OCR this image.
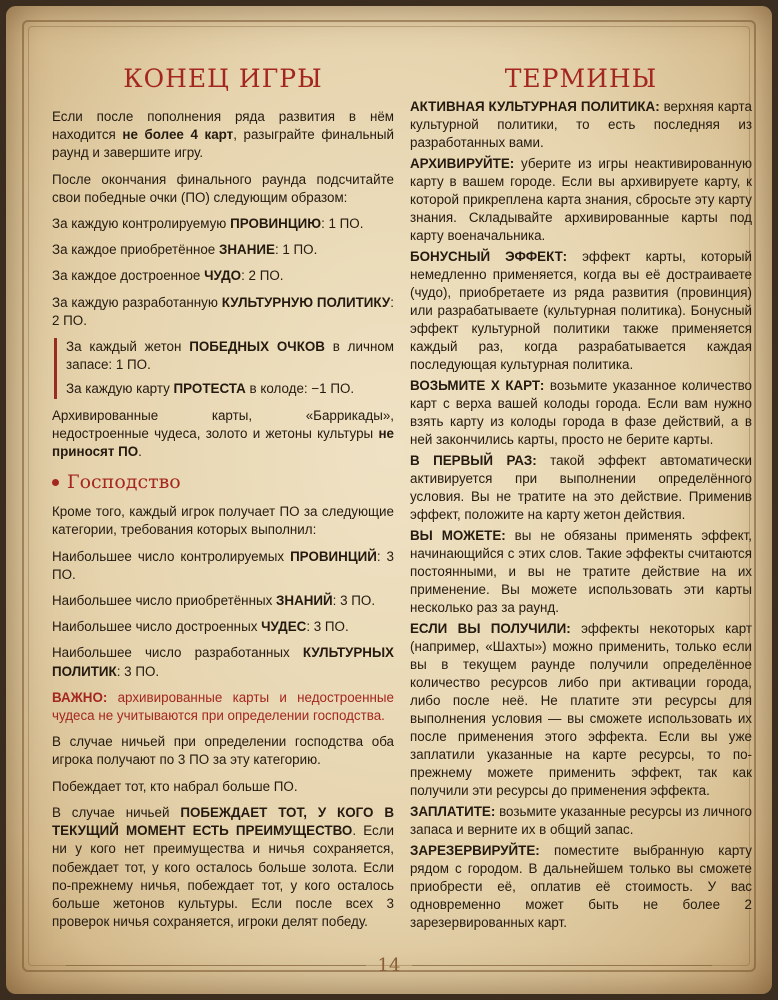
КОНЕЦ ИГРЫ

Если после пополнения ряда развития в нём находится не более 4 карт, разыграйте финальный раунд и завершите игру.

После окончания финального раунда подсчитайте свои победные очки (ПО) следующим образом:

За каждую контролируемую ПРОВИНЦИЮ: 1 ПО.

За каждое приобретённое ЗНАНИЕ: 1 ПО.

За каждое достроенное ЧУДО: 2 ПО.

За каждую разработанную КУЛЬТУРНУЮ ПОЛИТИКУ: 2 ПО.

За каждый жетон ПОБЕДНЫХ ОЧКОВ в личном запасе: 1 ПО.

За каждую карту ПРОТЕСТА в колоде: −1 ПО.

Архивированные карты, «Баррикады», недостроенные чудеса, золото и жетоны культуры не приносят ПО.

Господство

Кроме того, каждый игрок получает ПО за следующие категории, требования которых выполнил:

Наибольшее число контролируемых ПРОВИНЦИЙ: 3 ПО.

Наибольшее число приобретённых ЗНАНИЙ: 3 ПО.

Наибольшее число достроенных ЧУДЕС: 3 ПО.

Наибольшее число разработанных КУЛЬТУРНЫХ ПОЛИТИК: 3 ПО.

ВАЖНО: архивированные карты и недостроенные чудеса не учитываются при определении господства.

В случае ничьей при определении господства оба игрока получают по 3 ПО за эту категорию.

Побеждает тот, кто набрал больше ПО.

В случае ничьей ПОБЕЖДАЕТ ТОТ, У КОГО В ТЕКУЩИЙ МОМЕНТ ЕСТЬ ПРЕИМУЩЕСТВО. Если ни у кого нет преимущества и ничья сохраняется, побеждает тот, у кого осталось больше золота. Если по-прежнему ничья, побеждает тот, у кого осталось больше жетонов культуры. Если после всех 3 проверок ничья сохраняется, игроки делят победу.

ТЕРМИНЫ

АКТИВНАЯ КУЛЬТУРНАЯ ПОЛИТИКА: верхняя карта культурной политики, то есть последняя из разработанных вами.

АРХИВИРУЙТЕ: уберите из игры неактивированную карту в вашем городе. Если вы архивируете карту, к которой прикреплена карта знания, сбросьте эту карту знания. Складывайте архивированные карты под карту военачальника.

БОНУСНЫЙ ЭФФЕКТ: эффект карты, который немедленно применяется, когда вы её достраиваете (чудо), приобретаете из ряда развития (провинция) или разрабатываете (культурная политика). Бонусный эффект культурной политики также применяется каждый раз, когда разрабатывается каждая последующая культурная политика.

ВОЗЬМИТЕ X КАРТ: возьмите указанное количество карт с верха вашей колоды города. Если вам нужно взять карту из колоды города в фазе действий, а в ней закончились карты, просто не берите карты.

В ПЕРВЫЙ РАЗ: такой эффект автоматически активируется при выполнении определённого условия. Вы не тратите на это действие. Применив эффект, положите на карту жетон действия.

ВЫ МОЖЕТЕ: вы не обязаны применять эффект, начинающийся с этих слов. Такие эффекты считаются постоянными, и вы не тратите действие на их применение. Вы можете использовать эти карты несколько раз за раунд.

ЕСЛИ ВЫ ПОЛУЧИЛИ: эффекты некоторых карт (например, «Шахты») можно применить, только если вы в текущем раунде получили определённое количество ресурсов либо при активации города, либо после неё. Не платите эти ресурсы для выполнения условия — вы сможете использовать их после применения этого эффекта. Если вы уже заплатили указанные на карте ресурсы, то по-прежнему можете применить эффект, так как получили эти ресурсы до применения эффекта.

ЗАПЛАТИТЕ: возьмите указанные ресурсы из личного запаса и верните их в общий запас.

ЗАРЕЗЕРВИРУЙТЕ: поместите выбранную карту рядом с городом. В дальнейшем только вы сможете приобрести её, оплатив её стоимость. У вас одновременно может быть не более 2 зарезервированных карт.

14
